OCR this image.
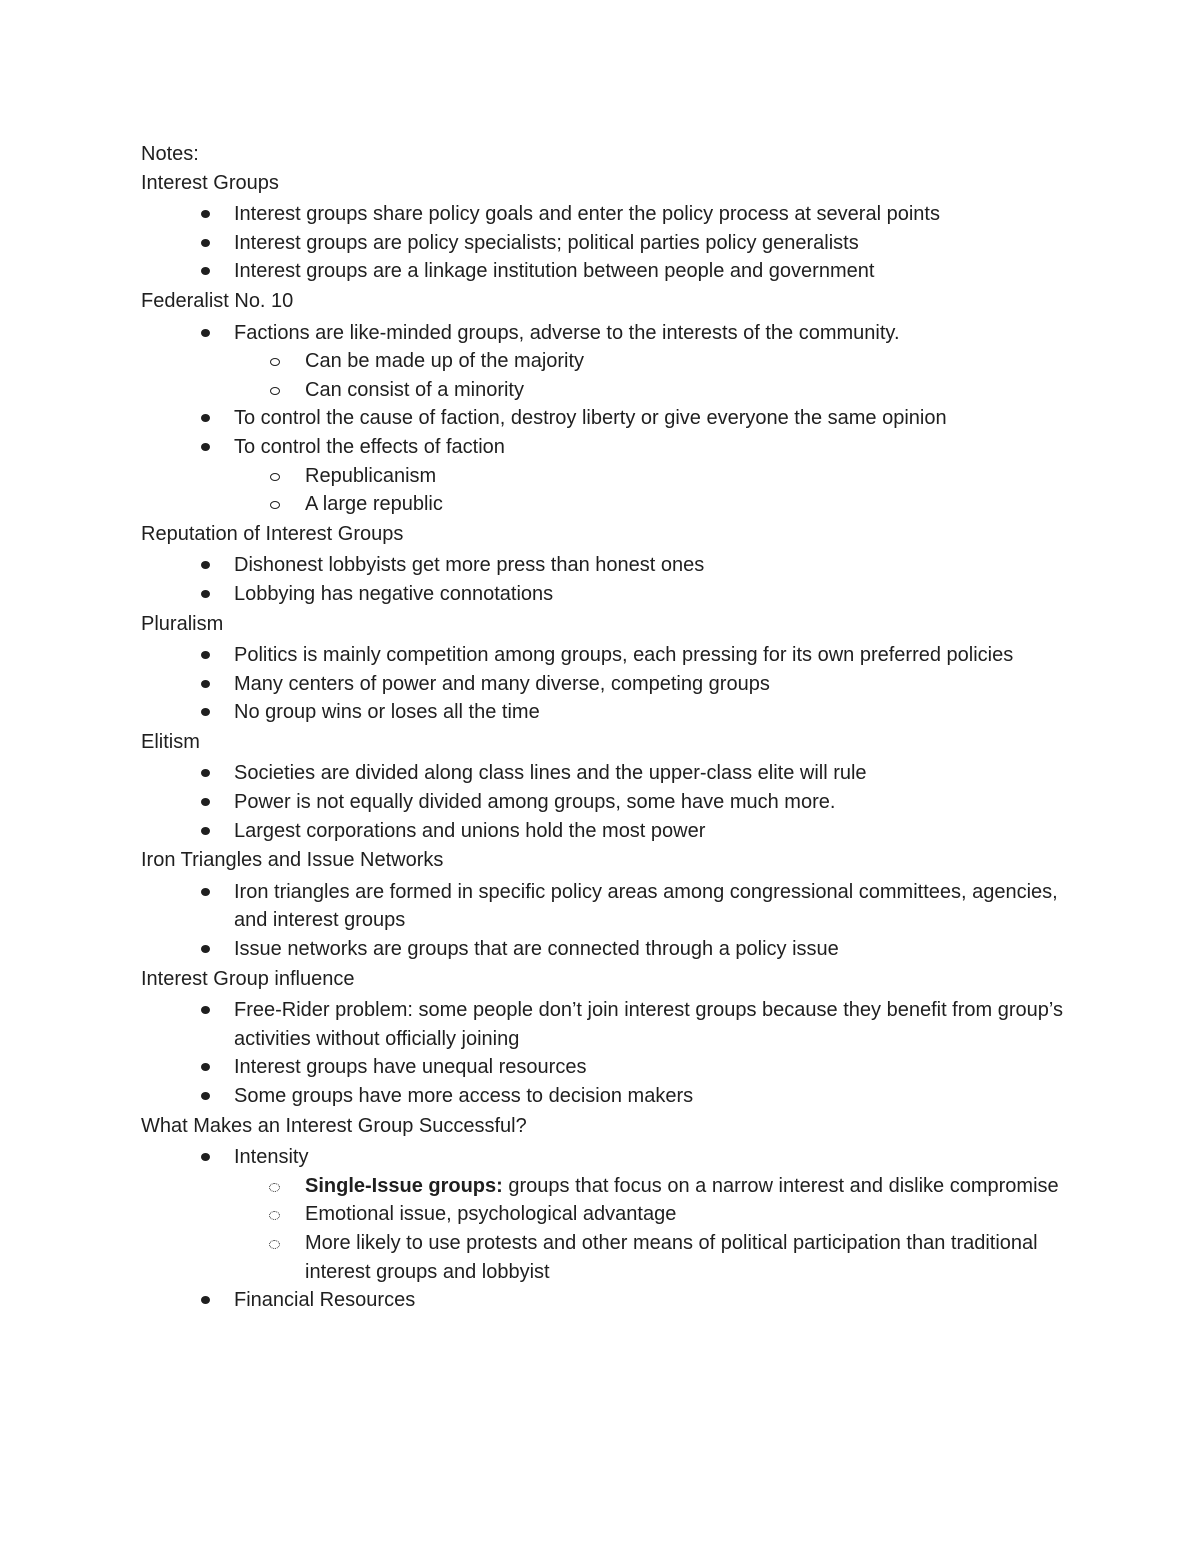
Notes:

Interest Groups

Interest groups share policy goals and enter the policy process at several points
Interest groups are policy specialists; political parties policy generalists
Interest groups are a linkage institution between people and government

Federalist No. 10

Factions are like-minded groups, adverse to the interests of the community.
Can be made up of the majority
Can consist of a minority
To control the cause of faction, destroy liberty or give everyone the same opinion
To control the effects of faction
Republicanism
A large republic

Reputation of Interest Groups

Dishonest lobbyists get more press than honest ones
Lobbying has negative connotations

Pluralism

Politics is mainly competition among groups, each pressing for its own preferred policies
Many centers of power and many diverse, competing groups
No group wins or loses all the time

Elitism

Societies are divided along class lines and the upper-class elite will rule
Power is not equally divided among groups, some have much more.
Largest corporations and unions hold the most power

Iron Triangles and Issue Networks

Iron triangles are formed in specific policy areas among congressional committees, agencies, and interest groups
Issue networks are groups that are connected through a policy issue

Interest Group influence

Free-Rider problem: some people don’t join interest groups because they benefit from group’s activities without officially joining
Interest groups have unequal resources
Some groups have more access to decision makers

What Makes an Interest Group Successful?

Intensity
Single-Issue groups: groups that focus on a narrow interest and dislike compromise
Emotional issue, psychological advantage
More likely to use protests and other means of political participation than traditional interest groups and lobbyist
Financial Resources
